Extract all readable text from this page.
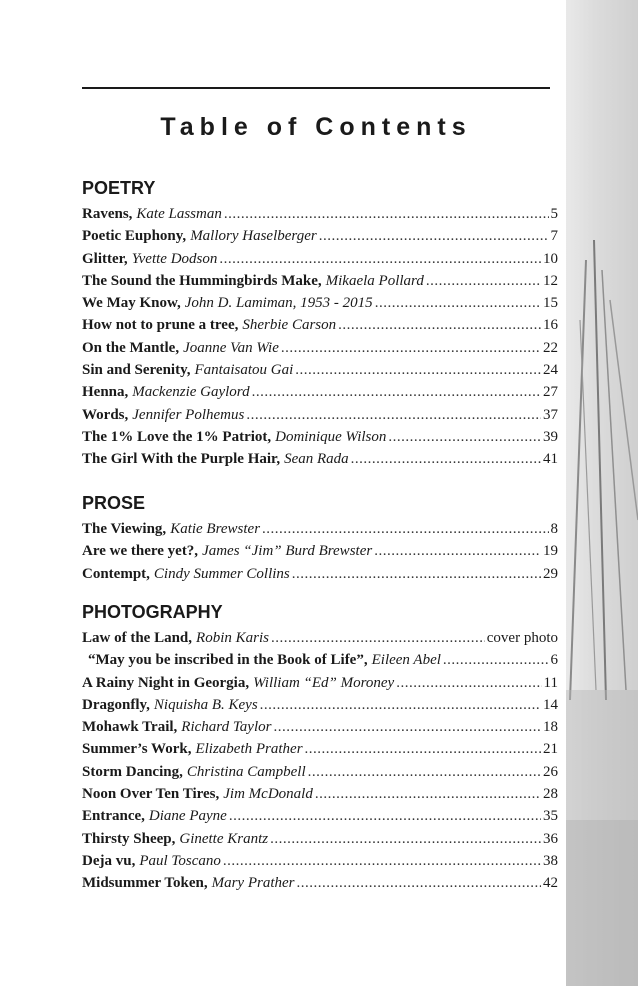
Table of Contents
POETRY
Ravens, Kate Lassman .....	5
Poetic Euphony, Mallory Haselberger .....	7
Glitter, Yvette Dodson .....	10
The Sound the Hummingbirds Make, Mikaela Pollard .....	12
We May Know, John D. Lamiman, 1953 - 2015 .....	15
How not to prune a tree, Sherbie Carson .....	16
On the Mantle, Joanne Van Wie .....	22
Sin and Serenity, Fantaisatou Gai .....	24
Henna, Mackenzie Gaylord .....	27
Words, Jennifer Polhemus .....	37
The 1% Love the 1% Patriot, Dominique Wilson .....	39
The Girl With the Purple Hair, Sean Rada .....	41
PROSE
The Viewing, Katie Brewster .....	8
Are we there yet?, James “Jim” Burd Brewster .....	19
Contempt, Cindy Summer Collins .....	29
PHOTOGRAPHY
Law of the Land, Robin Karis .....	cover photo
“May you be inscribed in the Book of Life”, Eileen Abel .....	6
A Rainy Night in Georgia, William “Ed” Moroney .....	11
Dragonfly, Niquisha B. Keys .....	14
Mohawk Trail, Richard Taylor .....	18
Summer’s Work, Elizabeth Prather .....	21
Storm Dancing, Christina Campbell .....	26
Noon Over Ten Tires, Jim McDonald .....	28
Entrance, Diane Payne .....	35
Thirsty Sheep, Ginette Krantz .....	36
Deja vu, Paul Toscano .....	38
Midsummer Token, Mary Prather .....	42
